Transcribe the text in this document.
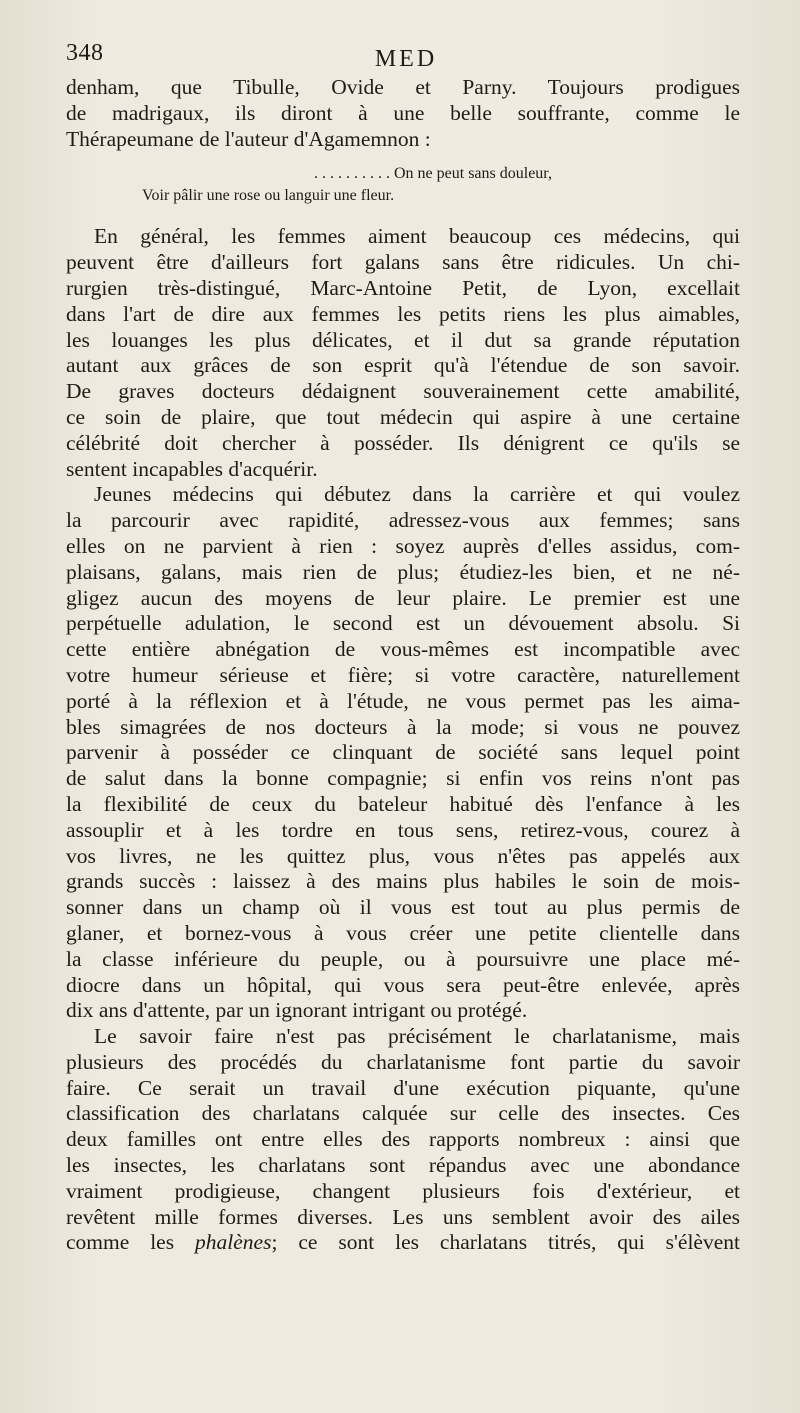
348	MED
denham, que Tibulle, Ovide et Parny. Toujours prodigues
de madrigaux, ils diront à une belle souffrante, comme le
Thérapeumane de l'auteur d'Agamemnon :
. . . . . . . . . . On ne peut sans douleur,
Voir pâlir une rose ou languir une fleur.
En général, les femmes aiment beaucoup ces médecins, qui
peuvent être d'ailleurs fort galans sans être ridicules. Un chi-
rurgien très-distingué, Marc-Antoine Petit, de Lyon, excellait
dans l'art de dire aux femmes les petits riens les plus aimables,
les louanges les plus délicates, et il dut sa grande réputation
autant aux grâces de son esprit qu'à l'étendue de son savoir.
De graves docteurs dédaignent souverainement cette amabilité,
ce soin de plaire, que tout médecin qui aspire à une certaine
célébrité doit chercher à posséder. Ils dénigrent ce qu'ils se
sentent incapables d'acquérir.
Jeunes médecins qui débutez dans la carrière et qui voulez
la parcourir avec rapidité, adressez-vous aux femmes; sans
elles on ne parvient à rien : soyez auprès d'elles assidus, com-
plaisans, galans, mais rien de plus; étudiez-les bien, et ne né-
gligez aucun des moyens de leur plaire. Le premier est une
perpétuelle adulation, le second est un dévouement absolu. Si
cette entière abnégation de vous-mêmes est incompatible avec
votre humeur sérieuse et fière; si votre caractère, naturellement
porté à la réflexion et à l'étude, ne vous permet pas les aima-
bles simagrées de nos docteurs à la mode; si vous ne pouvez
parvenir à posséder ce clinquant de société sans lequel point
de salut dans la bonne compagnie; si enfin vos reins n'ont pas
la flexibilité de ceux du bateleur habitué dès l'enfance à les
assouplir et à les tordre en tous sens, retirez-vous, courez à
vos livres, ne les quittez plus, vous n'êtes pas appelés aux
grands succès : laissez à des mains plus habiles le soin de mois-
sonner dans un champ où il vous est tout au plus permis de
glaner, et bornez-vous à vous créer une petite clientelle dans
la classe inférieure du peuple, ou à poursuivre une place mé-
diocre dans un hôpital, qui vous sera peut-être enlevée, après
dix ans d'attente, par un ignorant intrigant ou protégé.
Le savoir faire n'est pas précisément le charlatanisme, mais
plusieurs des procédés du charlatanisme font partie du savoir
faire. Ce serait un travail d'une exécution piquante, qu'une
classification des charlatans calquée sur celle des insectes. Ces
deux familles ont entre elles des rapports nombreux : ainsi que
les insectes, les charlatans sont répandus avec une abondance
vraiment prodigieuse, changent plusieurs fois d'extérieur, et
revêtent mille formes diverses. Les uns semblent avoir des ailes
comme les phalènes; ce sont les charlatans titrés, qui s'élèvent
